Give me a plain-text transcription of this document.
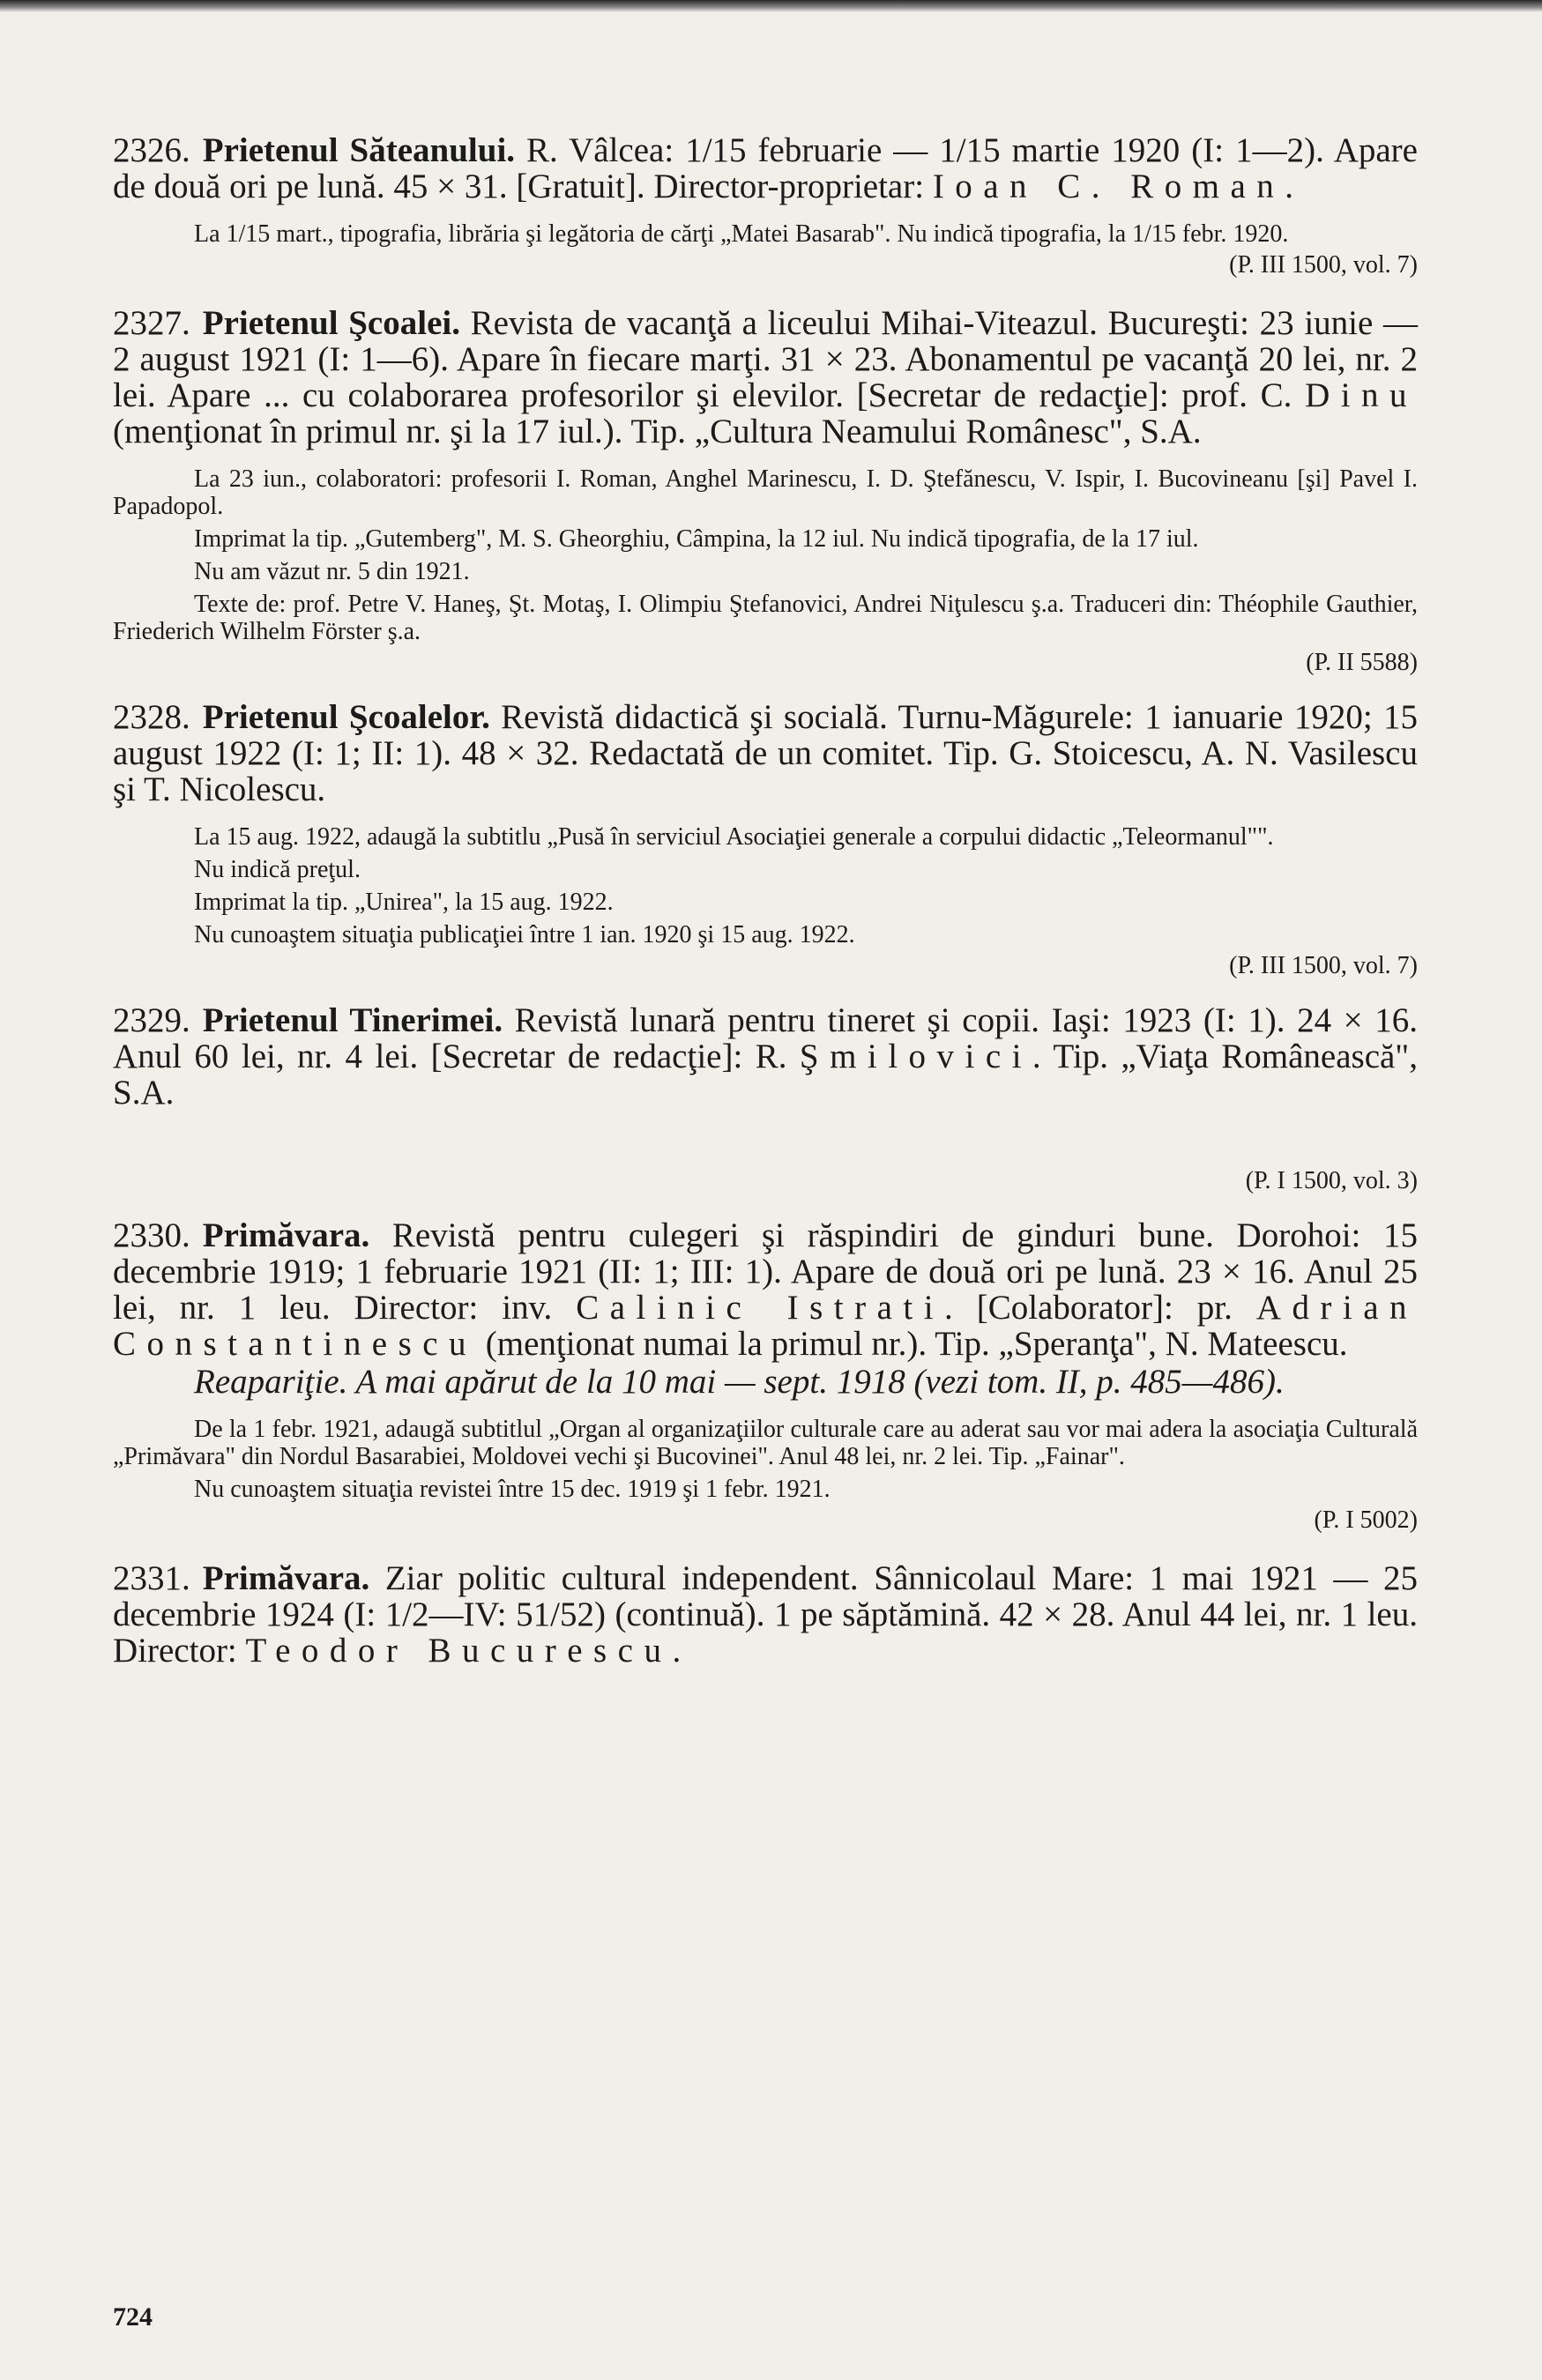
2326. Prietenul Săteanului. R. Vâlcea: 1/15 februarie — 1/15 martie 1920 (I: 1—2). Apare de două ori pe lună. 45 × 31. [Gratuit]. Director-proprietar: Ioan C. Roman.

La 1/15 mart., tipografia, librăria şi legătoria de cărţi „Matei Basarab". Nu indică tipografia, la 1/15 febr. 1920.

(P. III 1500, vol. 7)

2327. Prietenul Şcoalei. Revista de vacanţă a liceului Mihai-Viteazul. Bucureşti: 23 iunie — 2 august 1921 (I: 1—6). Apare în fiecare marţi. 31 × 23. Abonamentul pe vacanţă 20 lei, nr. 2 lei. Apare ... cu colaborarea profesorilor şi elevilor. [Secretar de redacţie]: prof. C. Dinu (menţionat în primul nr. şi la 17 iul.). Tip. „Cultura Neamului Românesc", S.A.

La 23 iun., colaboratori: profesorii I. Roman, Anghel Marinescu, I. D. Ştefănescu, V. Ispir, I. Bucovineanu [şi] Pavel I. Papadopol.

Imprimat la tip. „Gutemberg", M. S. Gheorghiu, Câmpina, la 12 iul. Nu indică tipografia, de la 17 iul.

Nu am văzut nr. 5 din 1921.

Texte de: prof. Petre V. Haneş, Şt. Motaş, I. Olimpiu Ştefanovici, Andrei Niţulescu ş.a. Traduceri din: Théophile Gauthier, Friederich Wilhelm Förster ş.a.

(P. II 5588)

2328. Prietenul Şcoalelor. Revistă didactică şi socială. Turnu-Măgurele: 1 ianuarie 1920; 15 august 1922 (I: 1; II: 1). 48 × 32. Redactată de un comitet. Tip. G. Stoicescu, A. N. Vasilescu şi T. Nicolescu.

La 15 aug. 1922, adaugă la subtitlu „Pusă în serviciul Asociaţiei generale a corpului didactic „Teleormanul"".

Nu indică preţul.

Imprimat la tip. „Unirea", la 15 aug. 1922.

Nu cunoaştem situaţia publicaţiei între 1 ian. 1920 şi 15 aug. 1922.

(P. III 1500, vol. 7)

2329. Prietenul Tinerimei. Revistă lunară pentru tineret şi copii. Iaşi: 1923 (I: 1). 24 × 16. Anul 60 lei, nr. 4 lei. [Secretar de redacţie]: R. Şmilovici. Tip. „Viaţa Românească", S.A.

(P. I 1500, vol. 3)

2330. Primăvara. Revistă pentru culegeri şi răspindiri de ginduri bune. Dorohoi: 15 decembrie 1919; 1 februarie 1921 (II: 1; III: 1). Apare de două ori pe lună. 23 × 16. Anul 25 lei, nr. 1 leu. Director: inv. Calinic Istrati. [Colaborator]: pr. Adrian Constantinescu (menţionat numai la primul nr.). Tip. „Speranţa", N. Mateescu.

Reapariţie. A mai apărut de la 10 mai — sept. 1918 (vezi tom. II, p. 485—486).

De la 1 febr. 1921, adaugă subtitlul „Organ al organizaţiilor culturale care au aderat sau vor mai adera la asociaţia Culturală „Primăvara" din Nordul Basarabiei, Moldovei vechi şi Bucovinei". Anul 48 lei, nr. 2 lei. Tip. „Fainar".

Nu cunoaştem situaţia revistei între 15 dec. 1919 şi 1 febr. 1921.

(P. I 5002)

2331. Primăvara. Ziar politic cultural independent. Sânnicolaul Mare: 1 mai 1921 — 25 decembrie 1924 (I: 1/2—IV: 51/52) (continuă). 1 pe săptămină. 42 × 28. Anul 44 lei, nr. 1 leu. Director: Teodor Bucurescu.

724
